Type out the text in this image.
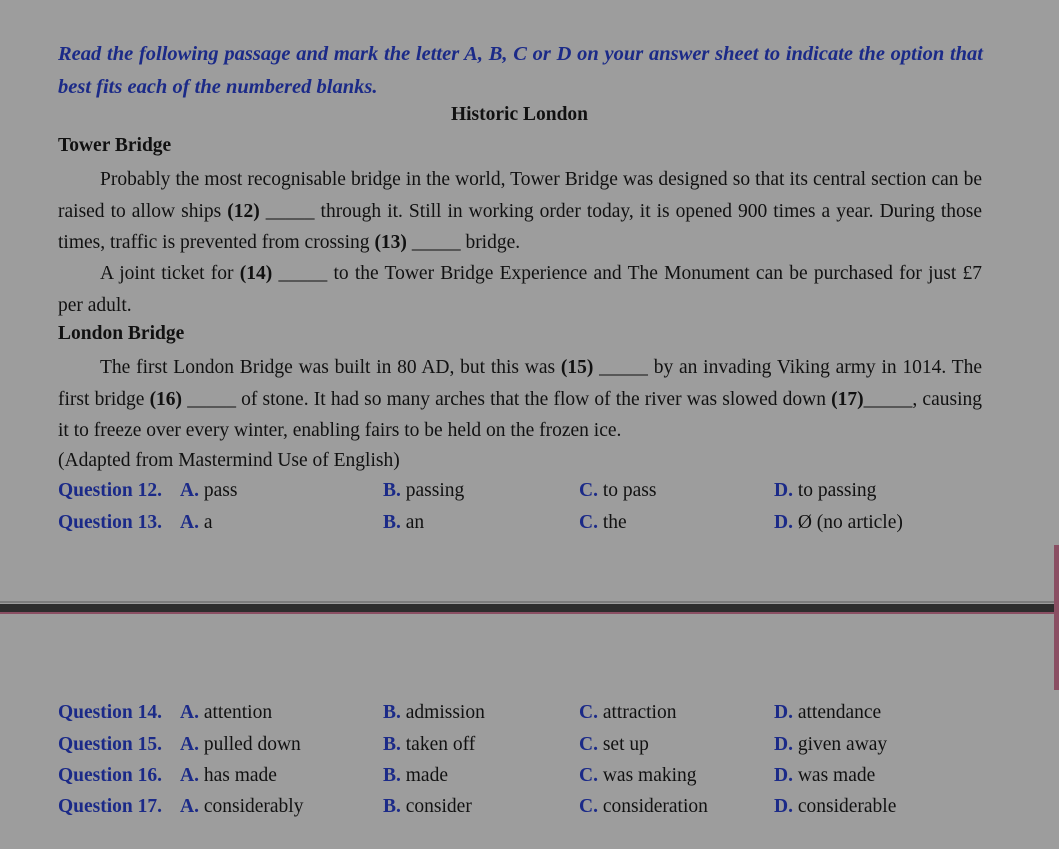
Read the following passage and mark the letter A, B, C or D on your answer sheet to indicate the option that best fits each of the numbered blanks.
Historic London
Tower Bridge
Probably the most recognisable bridge in the world, Tower Bridge was designed so that its central section can be raised to allow ships (12) _____ through it. Still in working order today, it is opened 900 times a year. During those times, traffic is prevented from crossing (13) _____ bridge.
A joint ticket for (14) _____ to the Tower Bridge Experience and The Monument can be purchased for just £7 per adult.
London Bridge
The first London Bridge was built in 80 AD, but this was (15) _____ by an invading Viking army in 1014. The first bridge (16) _____ of stone. It had so many arches that the flow of the river was slowed down (17)_____, causing it to freeze over every winter, enabling fairs to be held on the frozen ice.
(Adapted from Mastermind Use of English)
Question 12. A. pass	B. passing	C. to pass	D. to passing
Question 13. A. a	B. an	C. the	D. Ø (no article)
Question 14. A. attention	B. admission	C. attraction	D. attendance
Question 15. A. pulled down	B. taken off	C. set up	D. given away
Question 16. A. has made	B. made	C. was making	D. was made
Question 17. A. considerably	B. consider	C. consideration	D. considerable
